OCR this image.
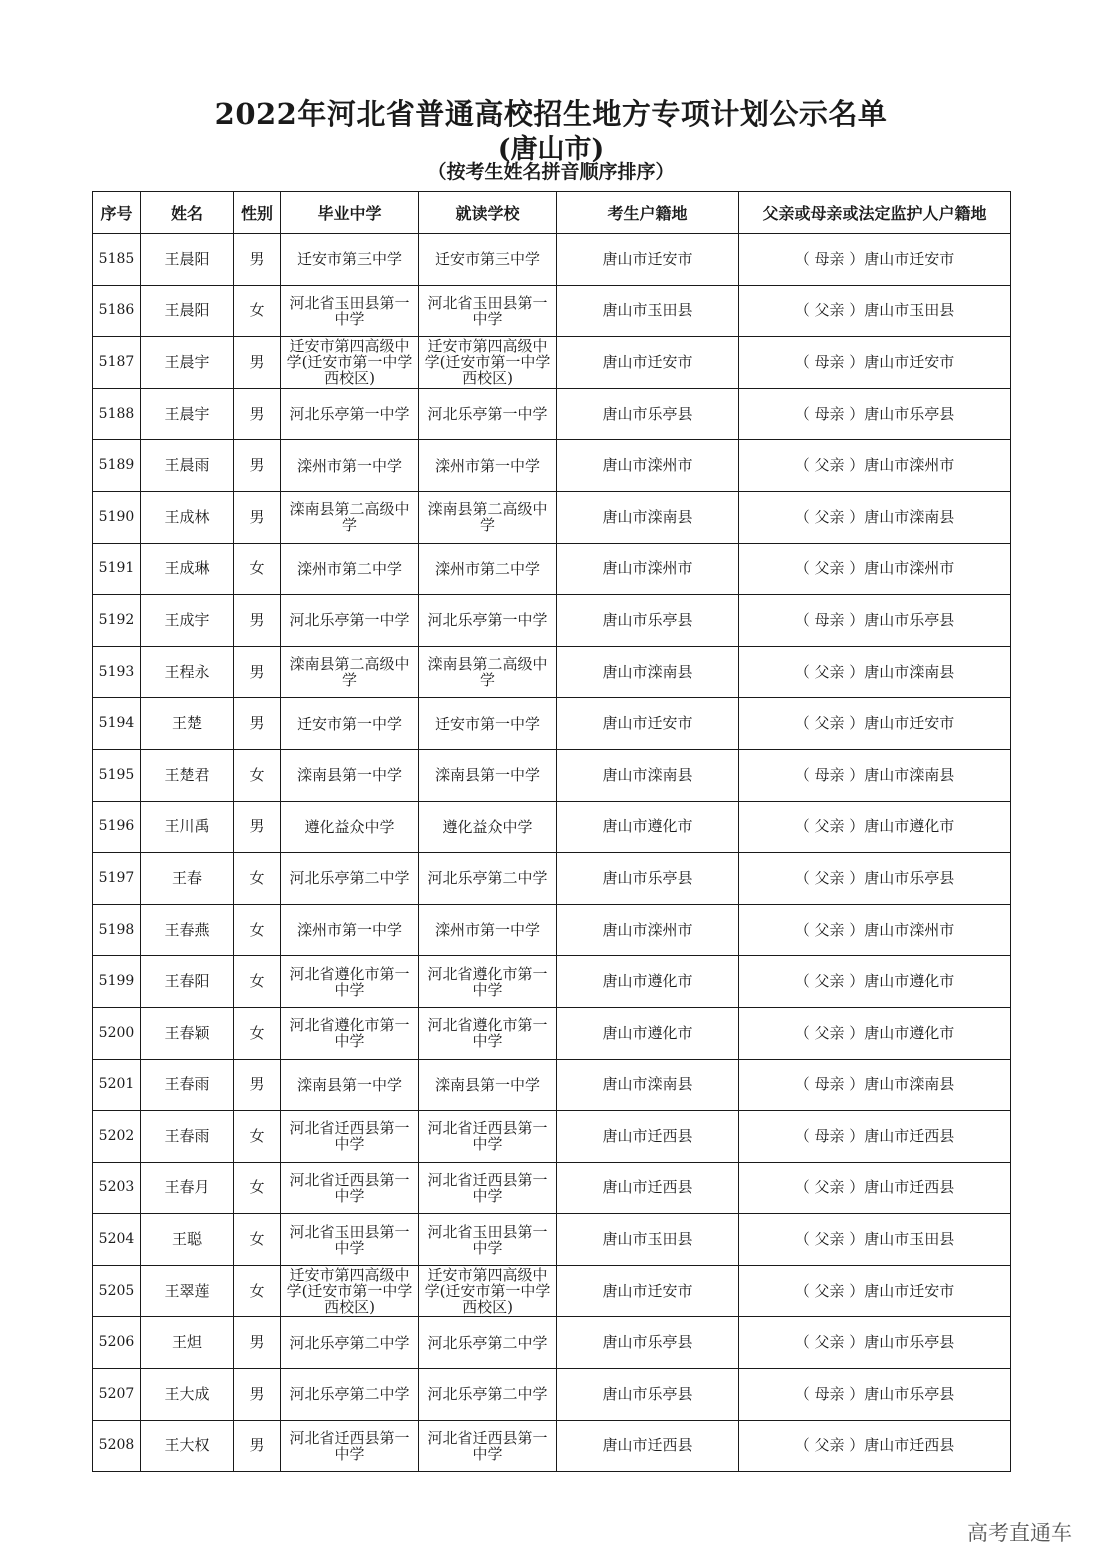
2022年河北省普通高校招生地方专项计划公示名单
(唐山市)
（按考生姓名拼音顺序排序）
序号	姓名	性别	毕业中学	就读学校	考生户籍地	父亲或母亲或法定监护人户籍地
5185	王晨阳	男	迁安市第三中学	迁安市第三中学	唐山市迁安市	（ 母亲 ）唐山市迁安市
5186	王晨阳	女	河北省玉田县第一中学	河北省玉田县第一中学	唐山市玉田县	（ 父亲 ）唐山市玉田县
5187	王晨宇	男	迁安市第四高级中学(迁安市第一中学西校区)	迁安市第四高级中学(迁安市第一中学西校区)	唐山市迁安市	（ 母亲 ）唐山市迁安市
5188	王晨宇	男	河北乐亭第一中学	河北乐亭第一中学	唐山市乐亭县	（ 母亲 ）唐山市乐亭县
5189	王晨雨	男	滦州市第一中学	滦州市第一中学	唐山市滦州市	（ 父亲 ）唐山市滦州市
5190	王成林	男	滦南县第二高级中学	滦南县第二高级中学	唐山市滦南县	（ 父亲 ）唐山市滦南县
5191	王成琳	女	滦州市第二中学	滦州市第二中学	唐山市滦州市	（ 父亲 ）唐山市滦州市
5192	王成宇	男	河北乐亭第一中学	河北乐亭第一中学	唐山市乐亭县	（ 母亲 ）唐山市乐亭县
5193	王程永	男	滦南县第二高级中学	滦南县第二高级中学	唐山市滦南县	（ 父亲 ）唐山市滦南县
5194	王楚	男	迁安市第一中学	迁安市第一中学	唐山市迁安市	（ 父亲 ）唐山市迁安市
5195	王楚君	女	滦南县第一中学	滦南县第一中学	唐山市滦南县	（ 母亲 ）唐山市滦南县
5196	王川禹	男	遵化益众中学	遵化益众中学	唐山市遵化市	（ 父亲 ）唐山市遵化市
5197	王春	女	河北乐亭第二中学	河北乐亭第二中学	唐山市乐亭县	（ 父亲 ）唐山市乐亭县
5198	王春燕	女	滦州市第一中学	滦州市第一中学	唐山市滦州市	（ 父亲 ）唐山市滦州市
5199	王春阳	女	河北省遵化市第一中学	河北省遵化市第一中学	唐山市遵化市	（ 父亲 ）唐山市遵化市
5200	王春颖	女	河北省遵化市第一中学	河北省遵化市第一中学	唐山市遵化市	（ 父亲 ）唐山市遵化市
5201	王春雨	男	滦南县第一中学	滦南县第一中学	唐山市滦南县	（ 母亲 ）唐山市滦南县
5202	王春雨	女	河北省迁西县第一中学	河北省迁西县第一中学	唐山市迁西县	（ 母亲 ）唐山市迁西县
5203	王春月	女	河北省迁西县第一中学	河北省迁西县第一中学	唐山市迁西县	（ 父亲 ）唐山市迁西县
5204	王聪	女	河北省玉田县第一中学	河北省玉田县第一中学	唐山市玉田县	（ 父亲 ）唐山市玉田县
5205	王翠莲	女	迁安市第四高级中学(迁安市第一中学西校区)	迁安市第四高级中学(迁安市第一中学西校区)	唐山市迁安市	（ 父亲 ）唐山市迁安市
5206	王炟	男	河北乐亭第二中学	河北乐亭第二中学	唐山市乐亭县	（ 父亲 ）唐山市乐亭县
5207	王大成	男	河北乐亭第二中学	河北乐亭第二中学	唐山市乐亭县	（ 母亲 ）唐山市乐亭县
5208	王大权	男	河北省迁西县第一中学	河北省迁西县第一中学	唐山市迁西县	（ 父亲 ）唐山市迁西县
高考直通车
